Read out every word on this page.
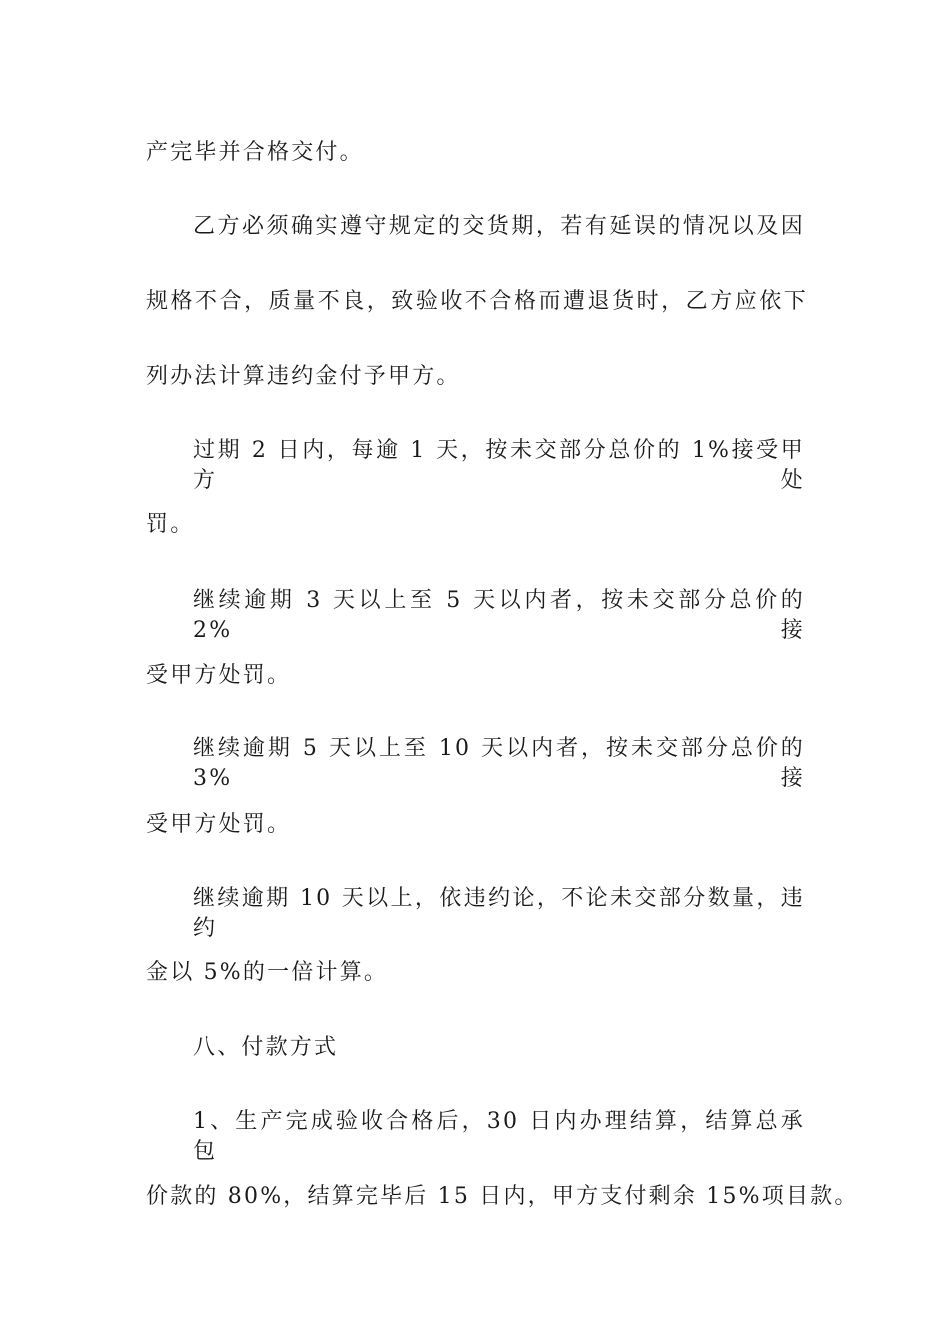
产完毕并合格交付。
乙方必须确实遵守规定的交货期，若有延误的情况以及因
规格不合，质量不良，致验收不合格而遭退货时，乙方应依下
列办法计算违约金付予甲方。
过期 2 日内，每逾 1 天，按未交部分总价的 1%接受甲方处
罚。
继续逾期 3 天以上至 5 天以内者，按未交部分总价的 2%接
受甲方处罚。
继续逾期 5 天以上至 10 天以内者，按未交部分总价的 3%接
受甲方处罚。
继续逾期 10 天以上，依违约论，不论未交部分数量，违约
金以 5%的一倍计算。
八、付款方式
1、生产完成验收合格后，30 日内办理结算，结算总承包
价款的 80%，结算完毕后 15 日内，甲方支付剩余 15%项目款。
